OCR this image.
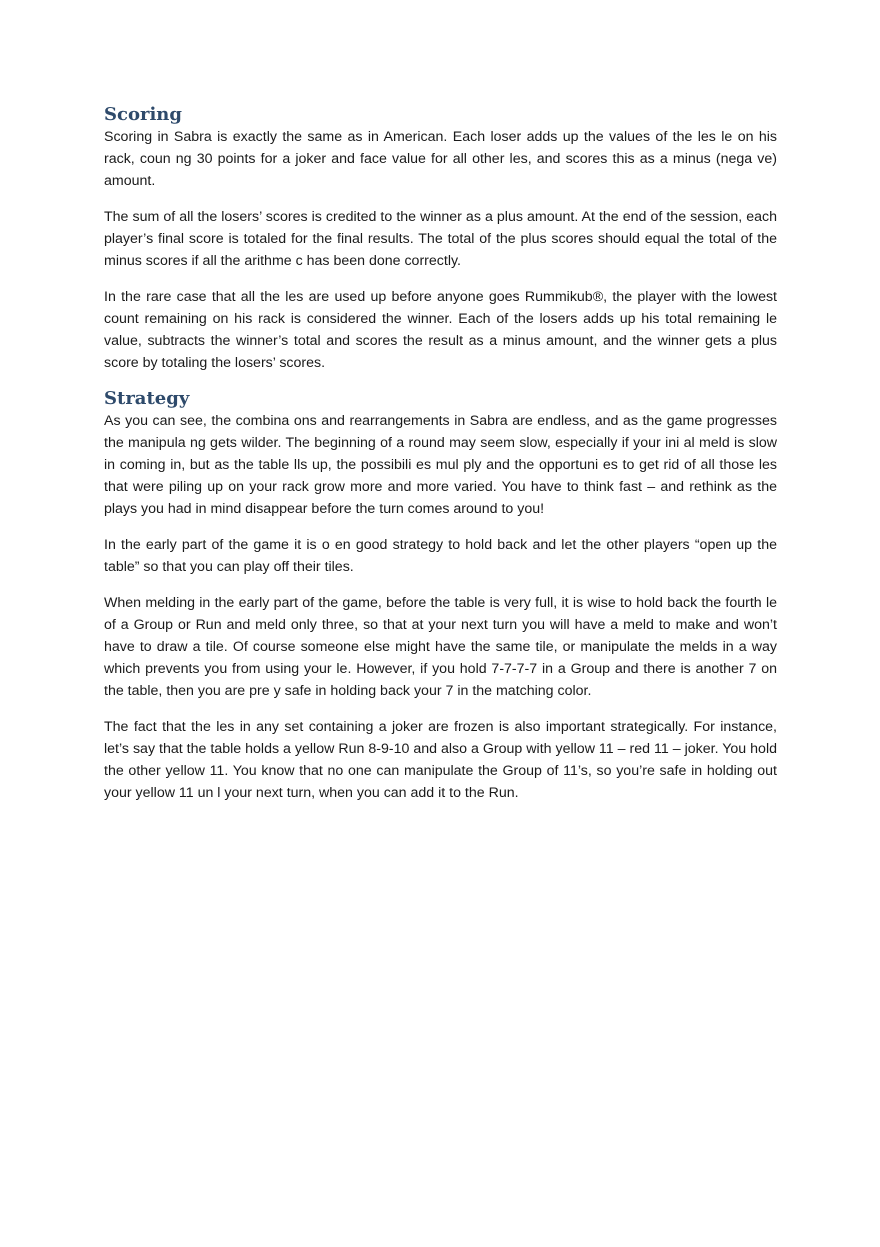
Scoring

Scoring in Sabra is exactly the same as in American. Each loser adds up the values of the les le on his rack, coun ng 30 points for a joker and face value for all other les, and scores this as a minus (nega ve) amount.

The sum of all the losers’ scores is credited to the winner as a plus amount. At the end of the session, each player’s final score is totaled for the final results. The total of the plus scores should equal the total of the minus scores if all the arithme c has been done correctly.

In the rare case that all the les are used up before anyone goes Rummikub®, the player with the lowest count remaining on his rack is considered the winner. Each of the losers adds up his total remaining le value, subtracts the winner’s total and scores the result as a minus amount, and the winner gets a plus score by totaling the losers’ scores.

Strategy

As you can see, the combina ons and rearrangements in Sabra are endless, and as the game progresses the manipula ng gets wilder. The beginning of a round may seem slow, especially if your ini al meld is slow in coming in, but as the table lls up, the possibili es mul ply and the opportuni es to get rid of all those les that were piling up on your rack grow more and more varied. You have to think fast – and rethink as the plays you had in mind disappear before the turn comes around to you!

In the early part of the game it is o en good strategy to hold back and let the other players “open up the table” so that you can play off their tiles.

When melding in the early part of the game, before the table is very full, it is wise to hold back the fourth le of a Group or Run and meld only three, so that at your next turn you will have a meld to make and won’t have to draw a tile. Of course someone else might have the same tile, or manipulate the melds in a way which prevents you from using your le. However, if you hold 7-7-7-7 in a Group and there is another 7 on the table, then you are pre y safe in holding back your 7 in the matching color.

The fact that the les in any set containing a joker are frozen is also important strategically. For instance, let’s say that the table holds a yellow Run 8-9-10 and also a Group with yellow 11 – red 11 – joker. You hold the other yellow 11. You know that no one can manipulate the Group of 11’s, so you’re safe in holding out your yellow 11 un l your next turn, when you can add it to the Run.
